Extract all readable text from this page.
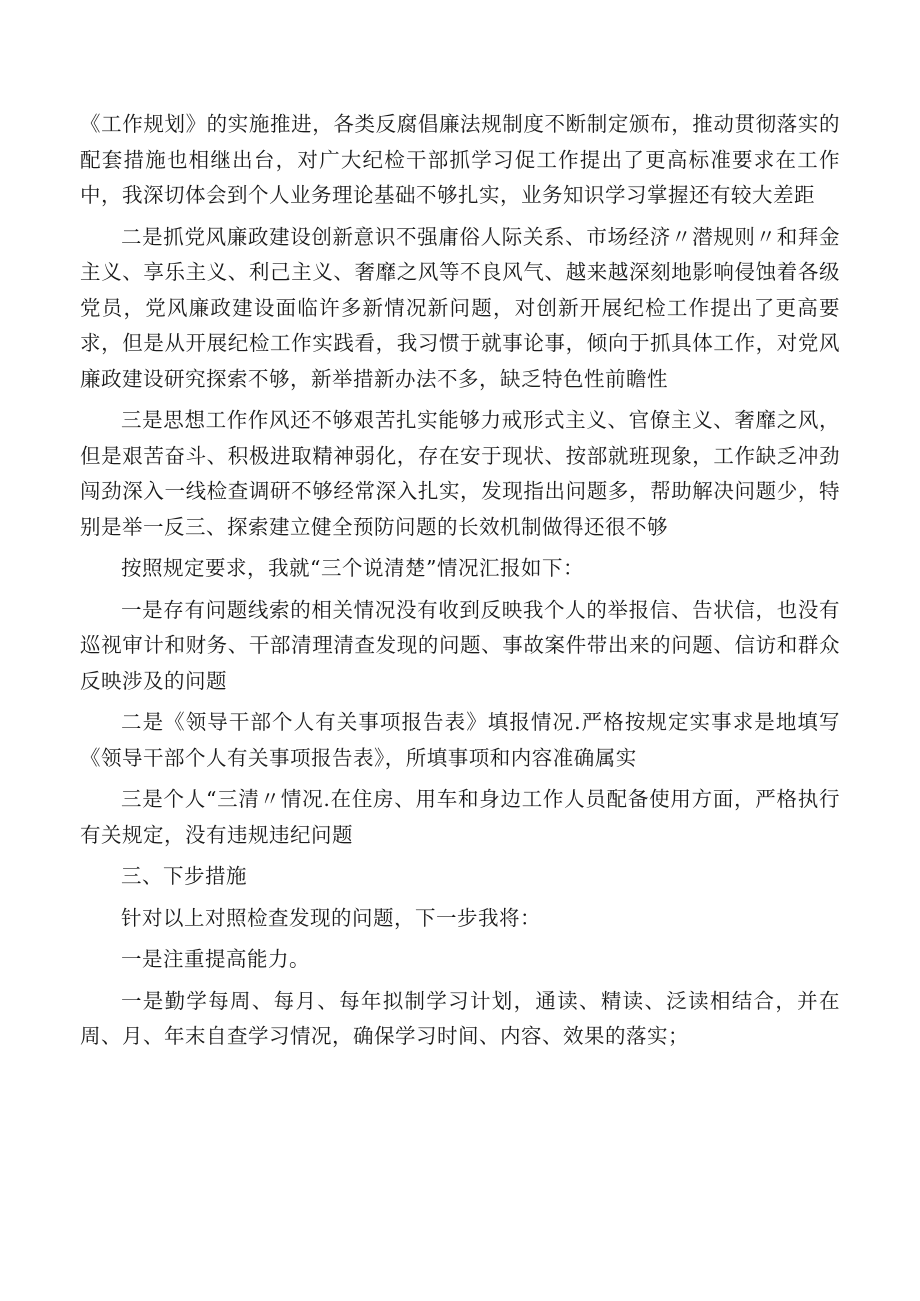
《工作规划》的实施推进，各类反腐倡廉法规制度不断制定颁布，推动贯彻落实的配套措施也相继出台，对广大纪检干部抓学习促工作提出了更高标准要求在工作中，我深切体会到个人业务理论基础不够扎实，业务知识学习掌握还有较大差距

二是抓党风廉政建设创新意识不强庸俗人际关系、市场经济〃潜规则〃和拜金主义、享乐主义、利己主义、奢靡之风等不良风气、越来越深刻地影响侵蚀着各级党员，党风廉政建设面临许多新情况新问题，对创新开展纪检工作提出了更高要求，但是从开展纪检工作实践看，我习惯于就事论事，倾向于抓具体工作，对党风廉政建设研究探索不够，新举措新办法不多，缺乏特色性前瞻性

三是思想工作作风还不够艰苦扎实能够力戒形式主义、官僚主义、奢靡之风，但是艰苦奋斗、积极进取精神弱化，存在安于现状、按部就班现象，工作缺乏冲劲闯劲深入一线检查调研不够经常深入扎实，发现指出问题多，帮助解决问题少，特别是举一反三、探索建立健全预防问题的长效机制做得还很不够

按照规定要求，我就“三个说清楚”情况汇报如下：

一是存有问题线索的相关情况没有收到反映我个人的举报信、告状信，也没有巡视审计和财务、干部清理清查发现的问题、事故案件带出来的问题、信访和群众反映涉及的问题

二是《领导干部个人有关事项报告表》填报情况.严格按规定实事求是地填写《领导干部个人有关事项报告表》，所填事项和内容准确属实

三是个人“三清〃情况.在住房、用车和身边工作人员配备使用方面，严格执行有关规定，没有违规违纪问题

三、下步措施

针对以上对照检查发现的问题，下一步我将：

一是注重提高能力。

一是勤学每周、每月、每年拟制学习计划，通读、精读、泛读相结合，并在周、月、年末自查学习情况，确保学习时间、内容、效果的落实；
